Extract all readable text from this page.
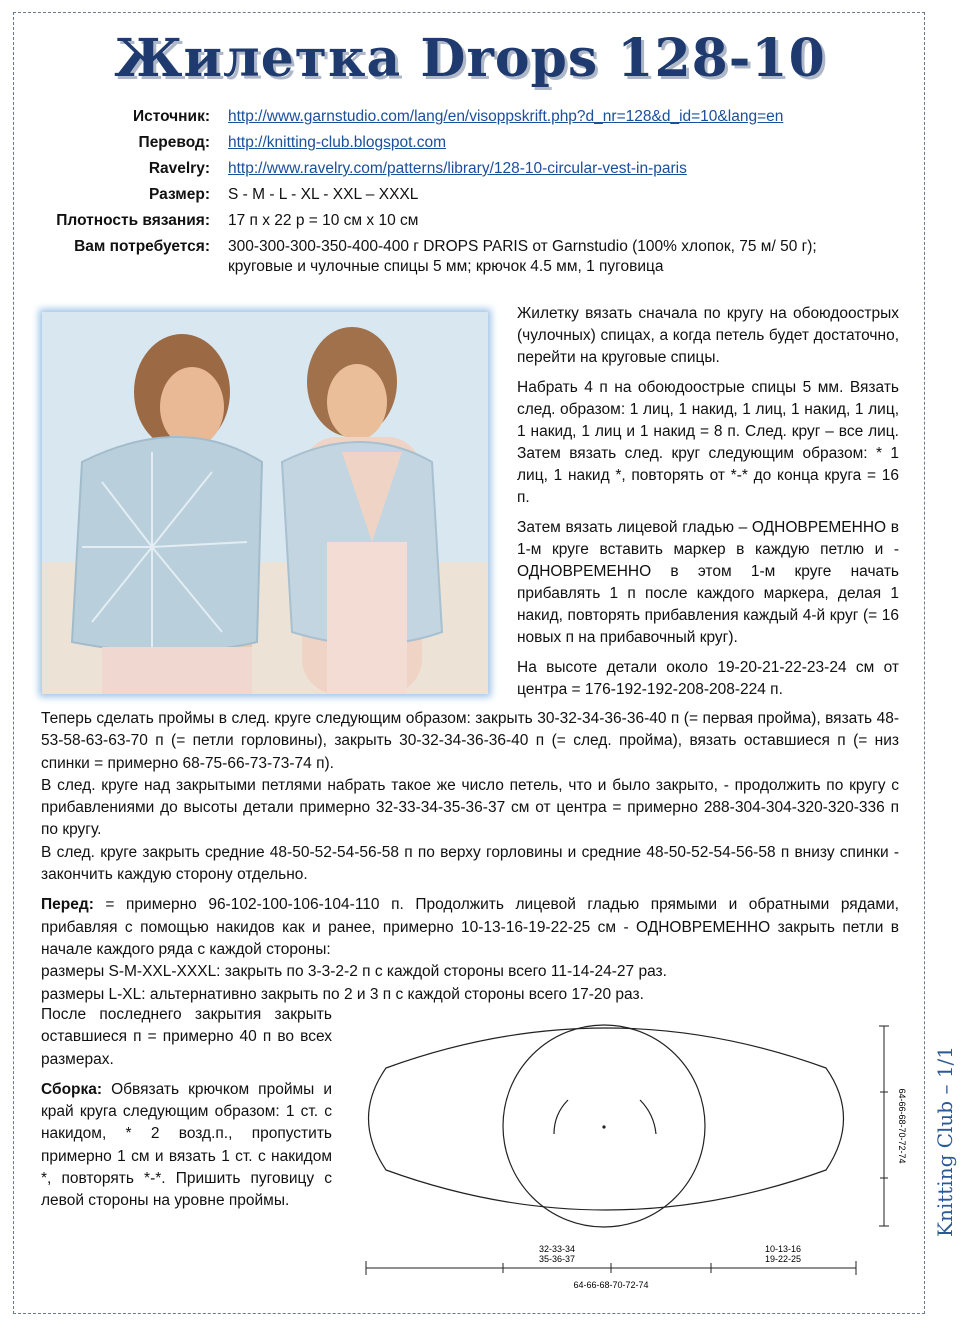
Жилетка Drops 128-10
Источник:	http://www.garnstudio.com/lang/en/visoppskrift.php?d_nr=128&d_id=10&lang=en
Перевод:	http://knitting-club.blogspot.com
Ravelry:	http://www.ravelry.com/patterns/library/128-10-circular-vest-in-paris
Размер:	S - M - L - XL - XXL – XXXL
Плотность вязания:	17 п х 22 р = 10 см х 10 см
Вам потребуется:	300-300-300-350-400-400 г DROPS PARIS от Garnstudio (100% хлопок, 75 м/ 50 г);
круговые и чулочные спицы 5 мм; крючок 4.5 мм, 1 пуговица

Жилетку вязать сначала по кругу на обоюдоострых (чулочных) спицах, а когда петель будет достаточно, перейти на круговые спицы.

Набрать 4 п на обоюдоострые спицы 5 мм. Вязать след. образом: 1 лиц, 1 накид, 1 лиц, 1 накид, 1 лиц, 1 накид, 1 лиц и 1 накид = 8 п. След. круг – все лиц. Затем вязать след. круг следующим образом: * 1 лиц, 1 накид *, повторять от *-* до конца круга = 16 п.

Затем вязать лицевой гладью – ОДНОВРЕМЕННО в 1-м круге вставить маркер в каждую петлю и - ОДНОВРЕМЕННО в этом 1-м круге начать прибавлять 1 п после каждого маркера, делая 1 накид, повторять прибавления каждый 4-й круг (= 16 новых п на прибавочный круг).

На высоте детали около 19-20-21-22-23-24 см от центра = 176-192-192-208-208-224 п.

Теперь сделать проймы в след. круге следующим образом: закрыть 30-32-34-36-36-40 п (= первая пройма), вязать 48-53-58-63-63-70 п (= петли горловины), закрыть 30-32-34-36-36-40 п (= след. пройма), вязать оставшиеся п (= низ спинки = примерно 68-75-66-73-73-74 п).

В след. круге над закрытыми петлями набрать такое же число петель, что и было закрыто, - продолжить по кругу с прибавлениями до высоты детали примерно 32-33-34-35-36-37 см от центра = примерно 288-304-304-320-320-336 п по кругу.

В след. круге закрыть средние 48-50-52-54-56-58 п по верху горловины и средние 48-50-52-54-56-58 п внизу спинки - закончить каждую сторону отдельно.

Перед: = примерно 96-102-100-106-104-110 п. Продолжить лицевой гладью прямыми и обратными рядами, прибавляя с помощью накидов как и ранее, примерно 10-13-16-19-22-25 см - ОДНОВРЕМЕННО закрыть петли в начале каждого ряда с каждой стороны:

размеры S-M-XXL-XXXL: закрыть по 3-3-2-2 п с каждой стороны всего 11-14-24-27 раз.

размеры L-XL: альтернативно закрыть по 2 и 3 п с каждой стороны всего 17-20 раз.

После последнего закрытия закрыть оставшиеся п = примерно 40 п во всех размерах.

Сборка: Обвязать крючком проймы и край круга следующим образом: 1 ст. с накидом, * 2 возд.п., пропустить примерно 1 см и вязать 1 ст. с накидом *, повторять *-*. Пришить пуговицу с левой стороны на уровне проймы.

64-66-68-70-72-74
32-33-34
35-36-37
10-13-16
19-22-25
64-66-68-70-72-74
Knitting Club – 1/1
